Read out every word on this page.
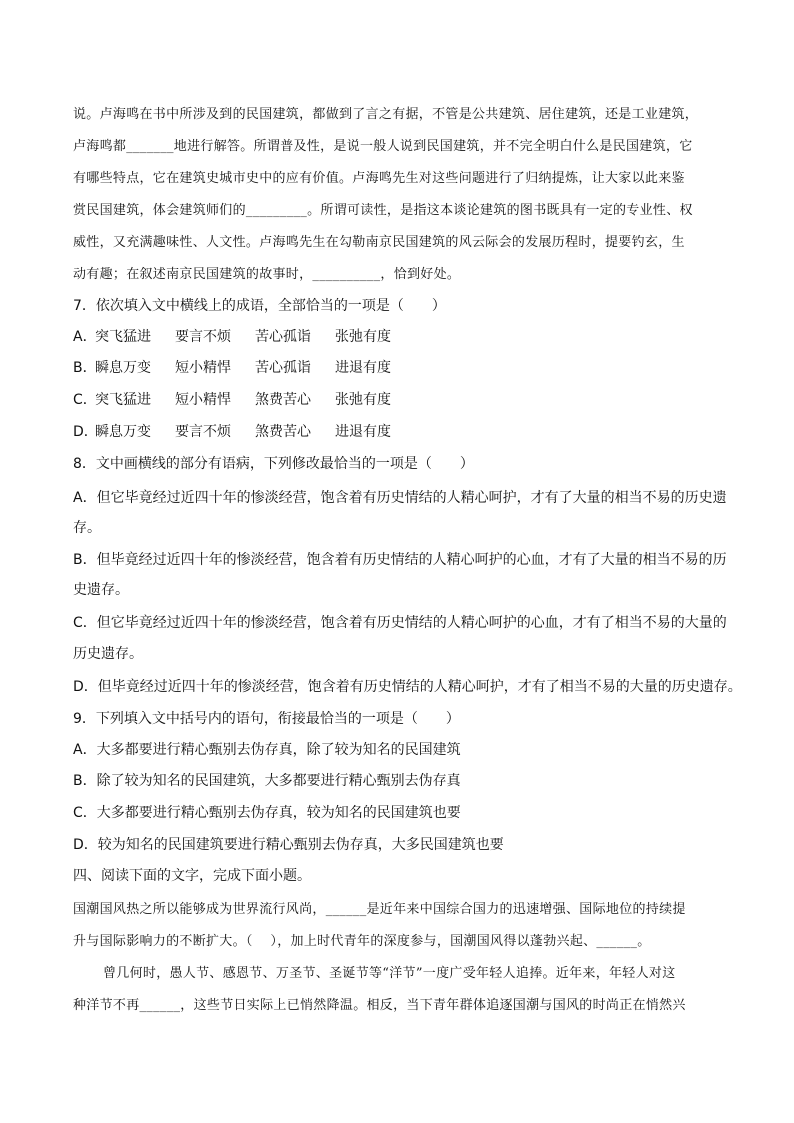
说。卢海鸣在书中所涉及到的民国建筑，都做到了言之有据，不管是公共建筑、居住建筑，还是工业建筑，
卢海鸣都_______地进行解答。所谓普及性，是说一般人说到民国建筑，并不完全明白什么是民国建筑，它
有哪些特点，它在建筑史城市史中的应有价值。卢海鸣先生对这些问题进行了归纳提炼，让大家以此来鉴
赏民国建筑，体会建筑师们的_________。所谓可读性，是指这本谈论建筑的图书既具有一定的专业性、权
威性，又充满趣味性、人文性。卢海鸣先生在勾勒南京民国建筑的风云际会的发展历程时，提要钓玄，生
动有趣；在叙述南京民国建筑的故事时，__________，恰到好处。
7．依次填入文中横线上的成语，全部恰当的一项是（　　）
A．突飞猛进 要言不烦 苦心孤诣 张弛有度
B．瞬息万变 短小精悍 苦心孤诣 进退有度
C．突飞猛进 短小精悍 煞费苦心 张弛有度
D．瞬息万变 要言不烦 煞费苦心 进退有度
8．文中画横线的部分有语病，下列修改最恰当的一项是（　　）
A．但它毕竟经过近四十年的惨淡经营，饱含着有历史情结的人精心呵护，才有了大量的相当不易的历史遗
存。
B．但毕竟经过近四十年的惨淡经营，饱含着有历史情结的人精心呵护的心血，才有了大量的相当不易的历
史遗存。
C．但它毕竟经过近四十年的惨淡经营，饱含着有历史情结的人精心呵护的心血，才有了相当不易的大量的
历史遗存。
D．但毕竟经过近四十年的惨淡经营，饱含着有历史情结的人精心呵护，才有了相当不易的大量的历史遗存。
9．下列填入文中括号内的语句，衔接最恰当的一项是（　　）
A．大多都要进行精心甄别去伪存真，除了较为知名的民国建筑
B．除了较为知名的民国建筑，大多都要进行精心甄别去伪存真
C．大多都要进行精心甄别去伪存真，较为知名的民国建筑也要
D．较为知名的民国建筑要进行精心甄别去伪存真，大多民国建筑也要
四、阅读下面的文字，完成下面小题。
国潮国风热之所以能够成为世界流行风尚，______是近年来中国综合国力的迅速增强、国际地位的持续提
升与国际影响力的不断扩大。（　 ），加上时代青年的深度参与，国潮国风得以蓬勃兴起、______。
曾几何时，愚人节、感恩节、万圣节、圣诞节等“洋节”一度广受年轻人追捧。近年来，年轻人对这
种洋节不再______，这些节日实际上已悄然降温。相反，当下青年群体追逐国潮与国风的时尚正在悄然兴
